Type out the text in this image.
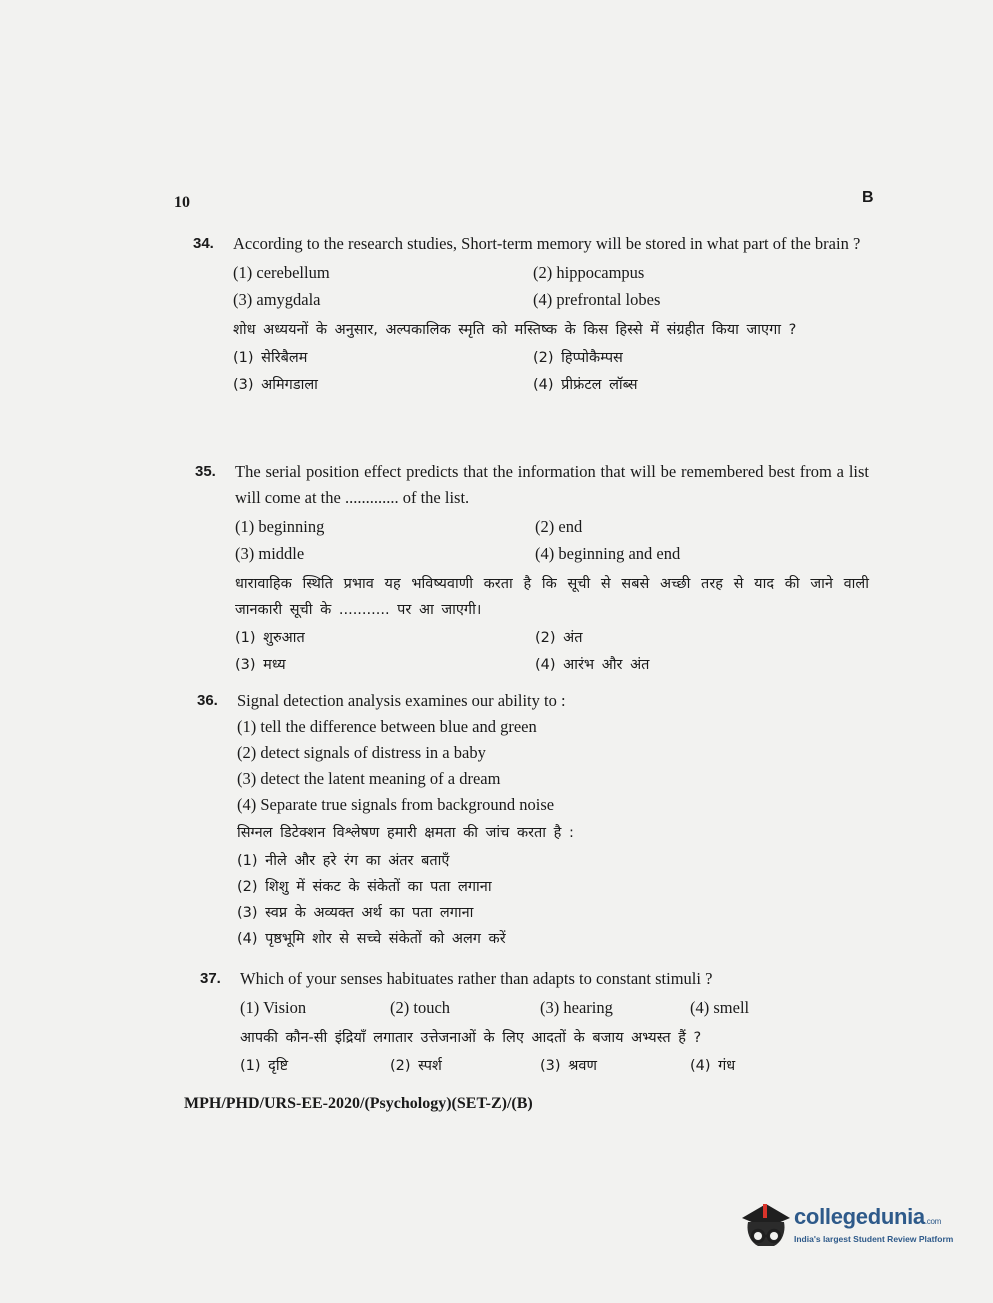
10	B
34. According to the research studies, Short-term memory will be stored in what part of the brain ?
(1) cerebellum	(2) hippocampus
(3) amygdala	(4) prefrontal lobes
शोध अध्ययनों के अनुसार, अल्पकालिक स्मृति को मस्तिष्क के किस हिस्से में संग्रहीत किया जाएगा ?
(1) सेरिबैलम	(2) हिप्पोकैम्पस
(3) अमिगडाला	(4) प्रीफ्रंटल लॉब्स
35. The serial position effect predicts that the information that will be remembered best from a list will come at the ............. of the list.
(1) beginning	(2) end
(3) middle	(4) beginning and end
धारावाहिक स्थिति प्रभाव यह भविष्यवाणी करता है कि सूची से सबसे अच्छी तरह से याद की जाने वाली जानकारी सूची के ........... पर आ जाएगी।
(1) शुरुआत	(2) अंत
(3) मध्य	(4) आरंभ और अंत
36. Signal detection analysis examines our ability to :
(1) tell the difference between blue and green
(2) detect signals of distress in a baby
(3) detect the latent meaning of a dream
(4) Separate true signals from background noise
सिग्नल डिटेक्शन विश्लेषण हमारी क्षमता की जांच करता है :
(1) नीले और हरे रंग का अंतर बताएँ
(2) शिशु में संकट के संकेतों का पता लगाना
(3) स्वप्न के अव्यक्त अर्थ का पता लगाना
(4) पृष्ठभूमि शोर से सच्चे संकेतों को अलग करें
37. Which of your senses habituates rather than adapts to constant stimuli ?
(1) Vision	(2) touch	(3) hearing	(4) smell
आपकी कौन-सी इंद्रियाँ लगातार उत्तेजनाओं के लिए आदतों के बजाय अभ्यस्त हैं ?
(1) दृष्टि	(2) स्पर्श	(3) श्रवण	(4) गंध
MPH/PHD/URS-EE-2020/(Psychology)(SET-Z)/(B)
collegedunia.com
India's largest Student Review Platform
